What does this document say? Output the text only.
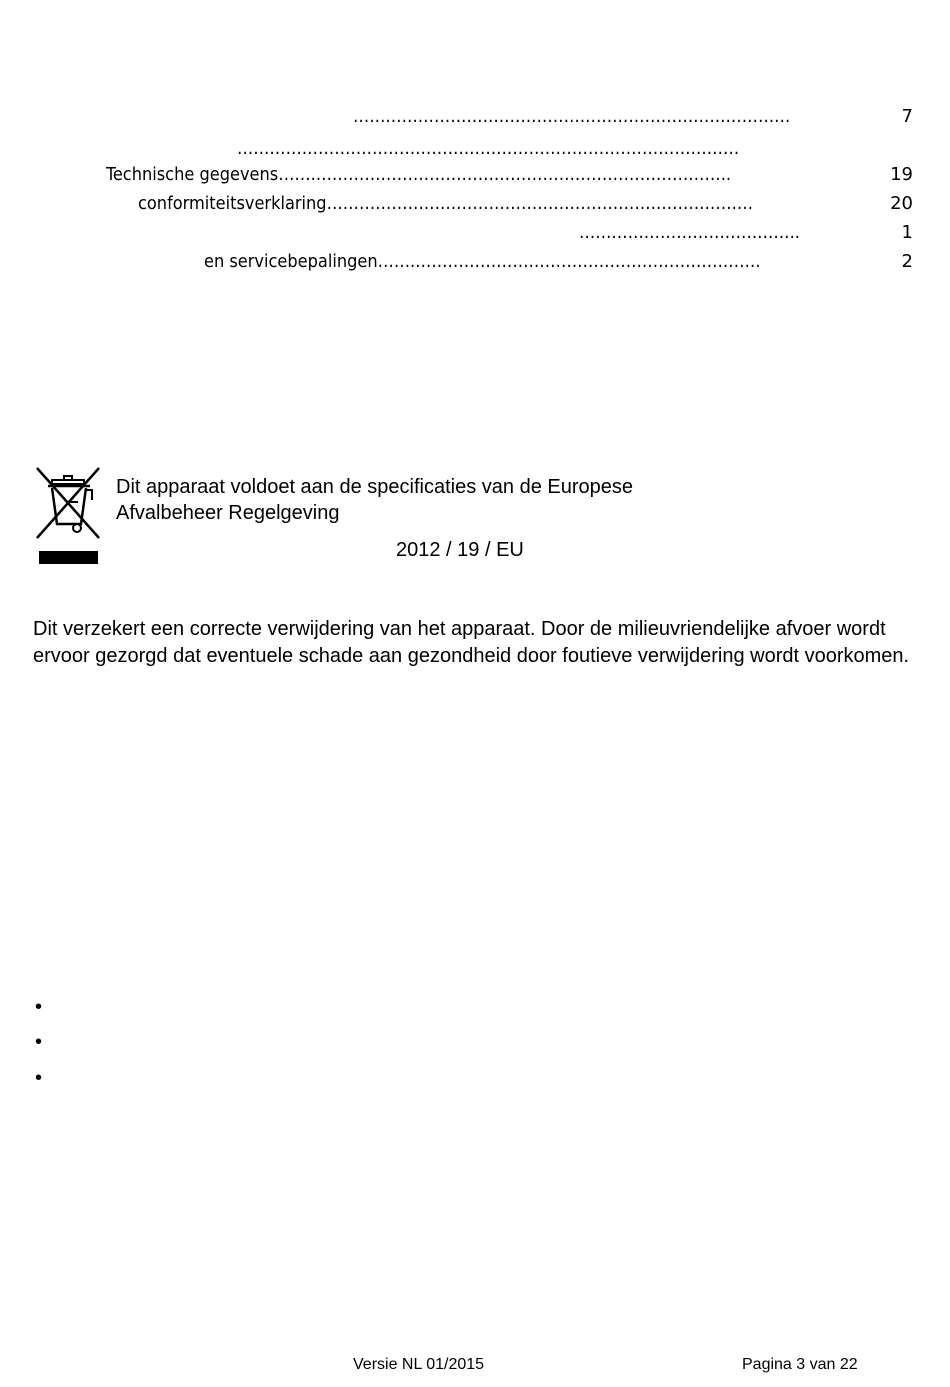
………………………………………………………………………	7
…………………………………………………………………………………
Technische gegevens…….…………………………………………………………………..	19
conformiteitsverklaring…………………………………………………………………….	20
…………………………………..	1
en servicebepalingen…….……………………………………………………….	2
Dit apparaat voldoet aan de specificaties van de Europese
Afvalbeheer Regelgeving
2012 / 19 / EU
Dit verzekert een correcte verwijdering van het apparaat. Door de milieuvriendelijke afvoer wordt ervoor gezorgd dat eventuele schade aan gezondheid door foutieve verwijdering wordt voorkomen.
•
•
•
Versie NL 01/2015	Pagina 3 van 22
